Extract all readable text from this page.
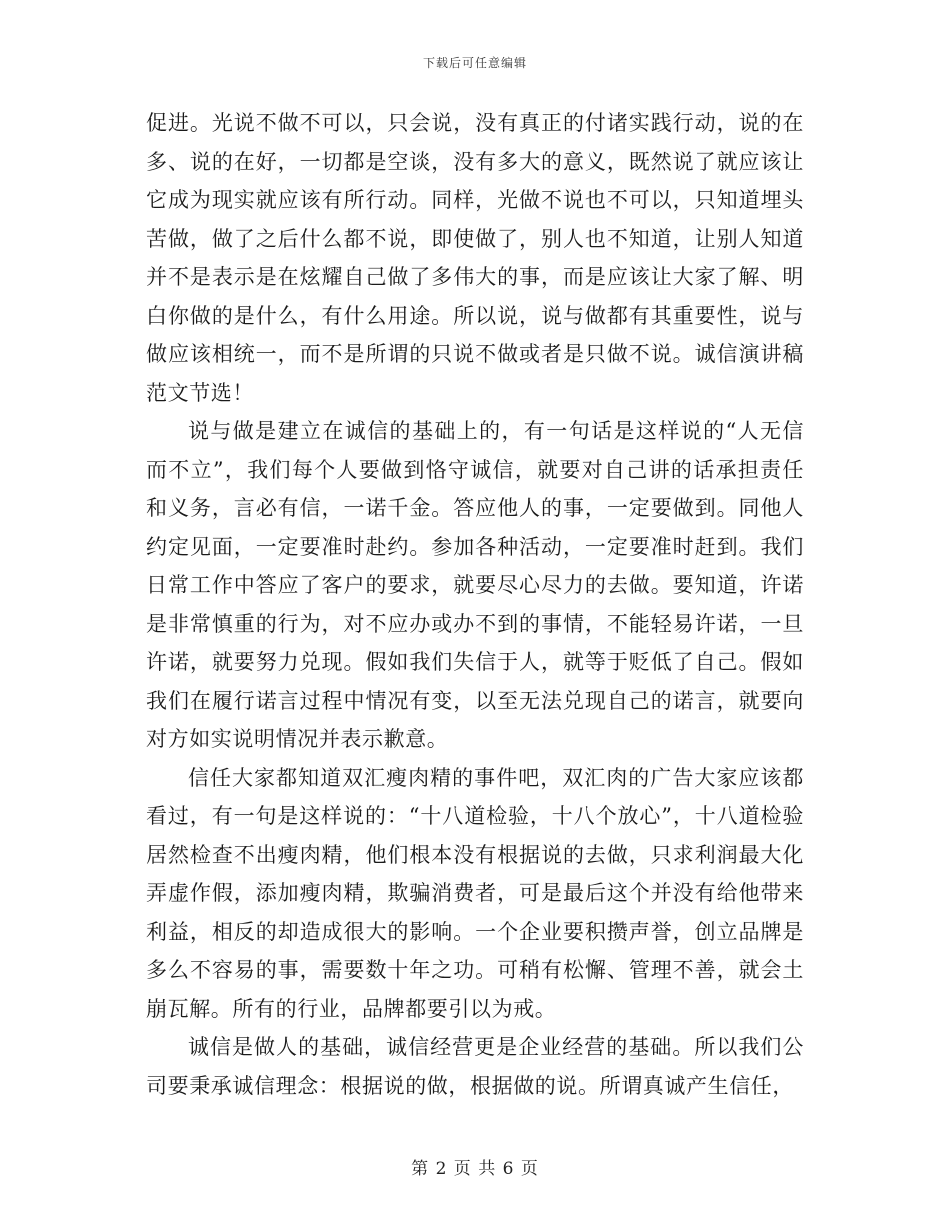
下载后可任意编辑

促进。光说不做不可以，只会说，没有真正的付诸实践行动，说的在多、说的在好，一切都是空谈，没有多大的意义，既然说了就应该让它成为现实就应该有所行动。同样，光做不说也不可以，只知道埋头苦做，做了之后什么都不说，即使做了，别人也不知道，让别人知道并不是表示是在炫耀自己做了多伟大的事，而是应该让大家了解、明白你做的是什么，有什么用途。所以说，说与做都有其重要性，说与做应该相统一，而不是所谓的只说不做或者是只做不说。诚信演讲稿范文节选！

说与做是建立在诚信的基础上的，有一句话是这样说的“人无信而不立”，我们每个人要做到恪守诚信，就要对自己讲的话承担责任和义务，言必有信，一诺千金。答应他人的事，一定要做到。同他人约定见面，一定要准时赴约。参加各种活动，一定要准时赶到。我们日常工作中答应了客户的要求，就要尽心尽力的去做。要知道，许诺是非常慎重的行为，对不应办或办不到的事情，不能轻易许诺，一旦许诺，就要努力兑现。假如我们失信于人，就等于贬低了自己。假如我们在履行诺言过程中情况有变，以至无法兑现自己的诺言，就要向对方如实说明情况并表示歉意。

信任大家都知道双汇瘦肉精的事件吧，双汇肉的广告大家应该都看过，有一句是这样说的：“十八道检验，十八个放心”，十八道检验居然检查不出瘦肉精，他们根本没有根据说的去做，只求利润最大化弄虚作假，添加瘦肉精，欺骗消费者，可是最后这个并没有给他带来利益，相反的却造成很大的影响。一个企业要积攒声誉，创立品牌是多么不容易的事，需要数十年之功。可稍有松懈、管理不善，就会土崩瓦解。所有的行业，品牌都要引以为戒。

诚信是做人的基础，诚信经营更是企业经营的基础。所以我们公司要秉承诚信理念：根据说的做，根据做的说。所谓真诚产生信任，

第 2 页 共 6 页
